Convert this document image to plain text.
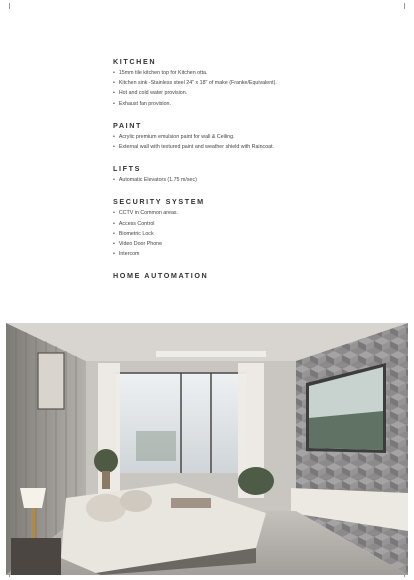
KITCHEN
• 15mm tile kitchen top for Kitchen otta.
• Kitchen sink -Stainless steel 24" x 18" of make (Franke/Equivalent).
• Hot and cold water provision.
• Exhaust fan provision.
PAINT
• Acrylic premium emulsion paint for wall & Ceiling.
• External wall with textured paint and weather shield with Raincoat.
LIFTS
• Automatic Elevators (1.75 m/sec)
SECURITY SYSTEM
• CCTV in Common areas.
• Access Control
• Biometric Lock
• Video Door Phone
• Intercom
HOME AUTOMATION
